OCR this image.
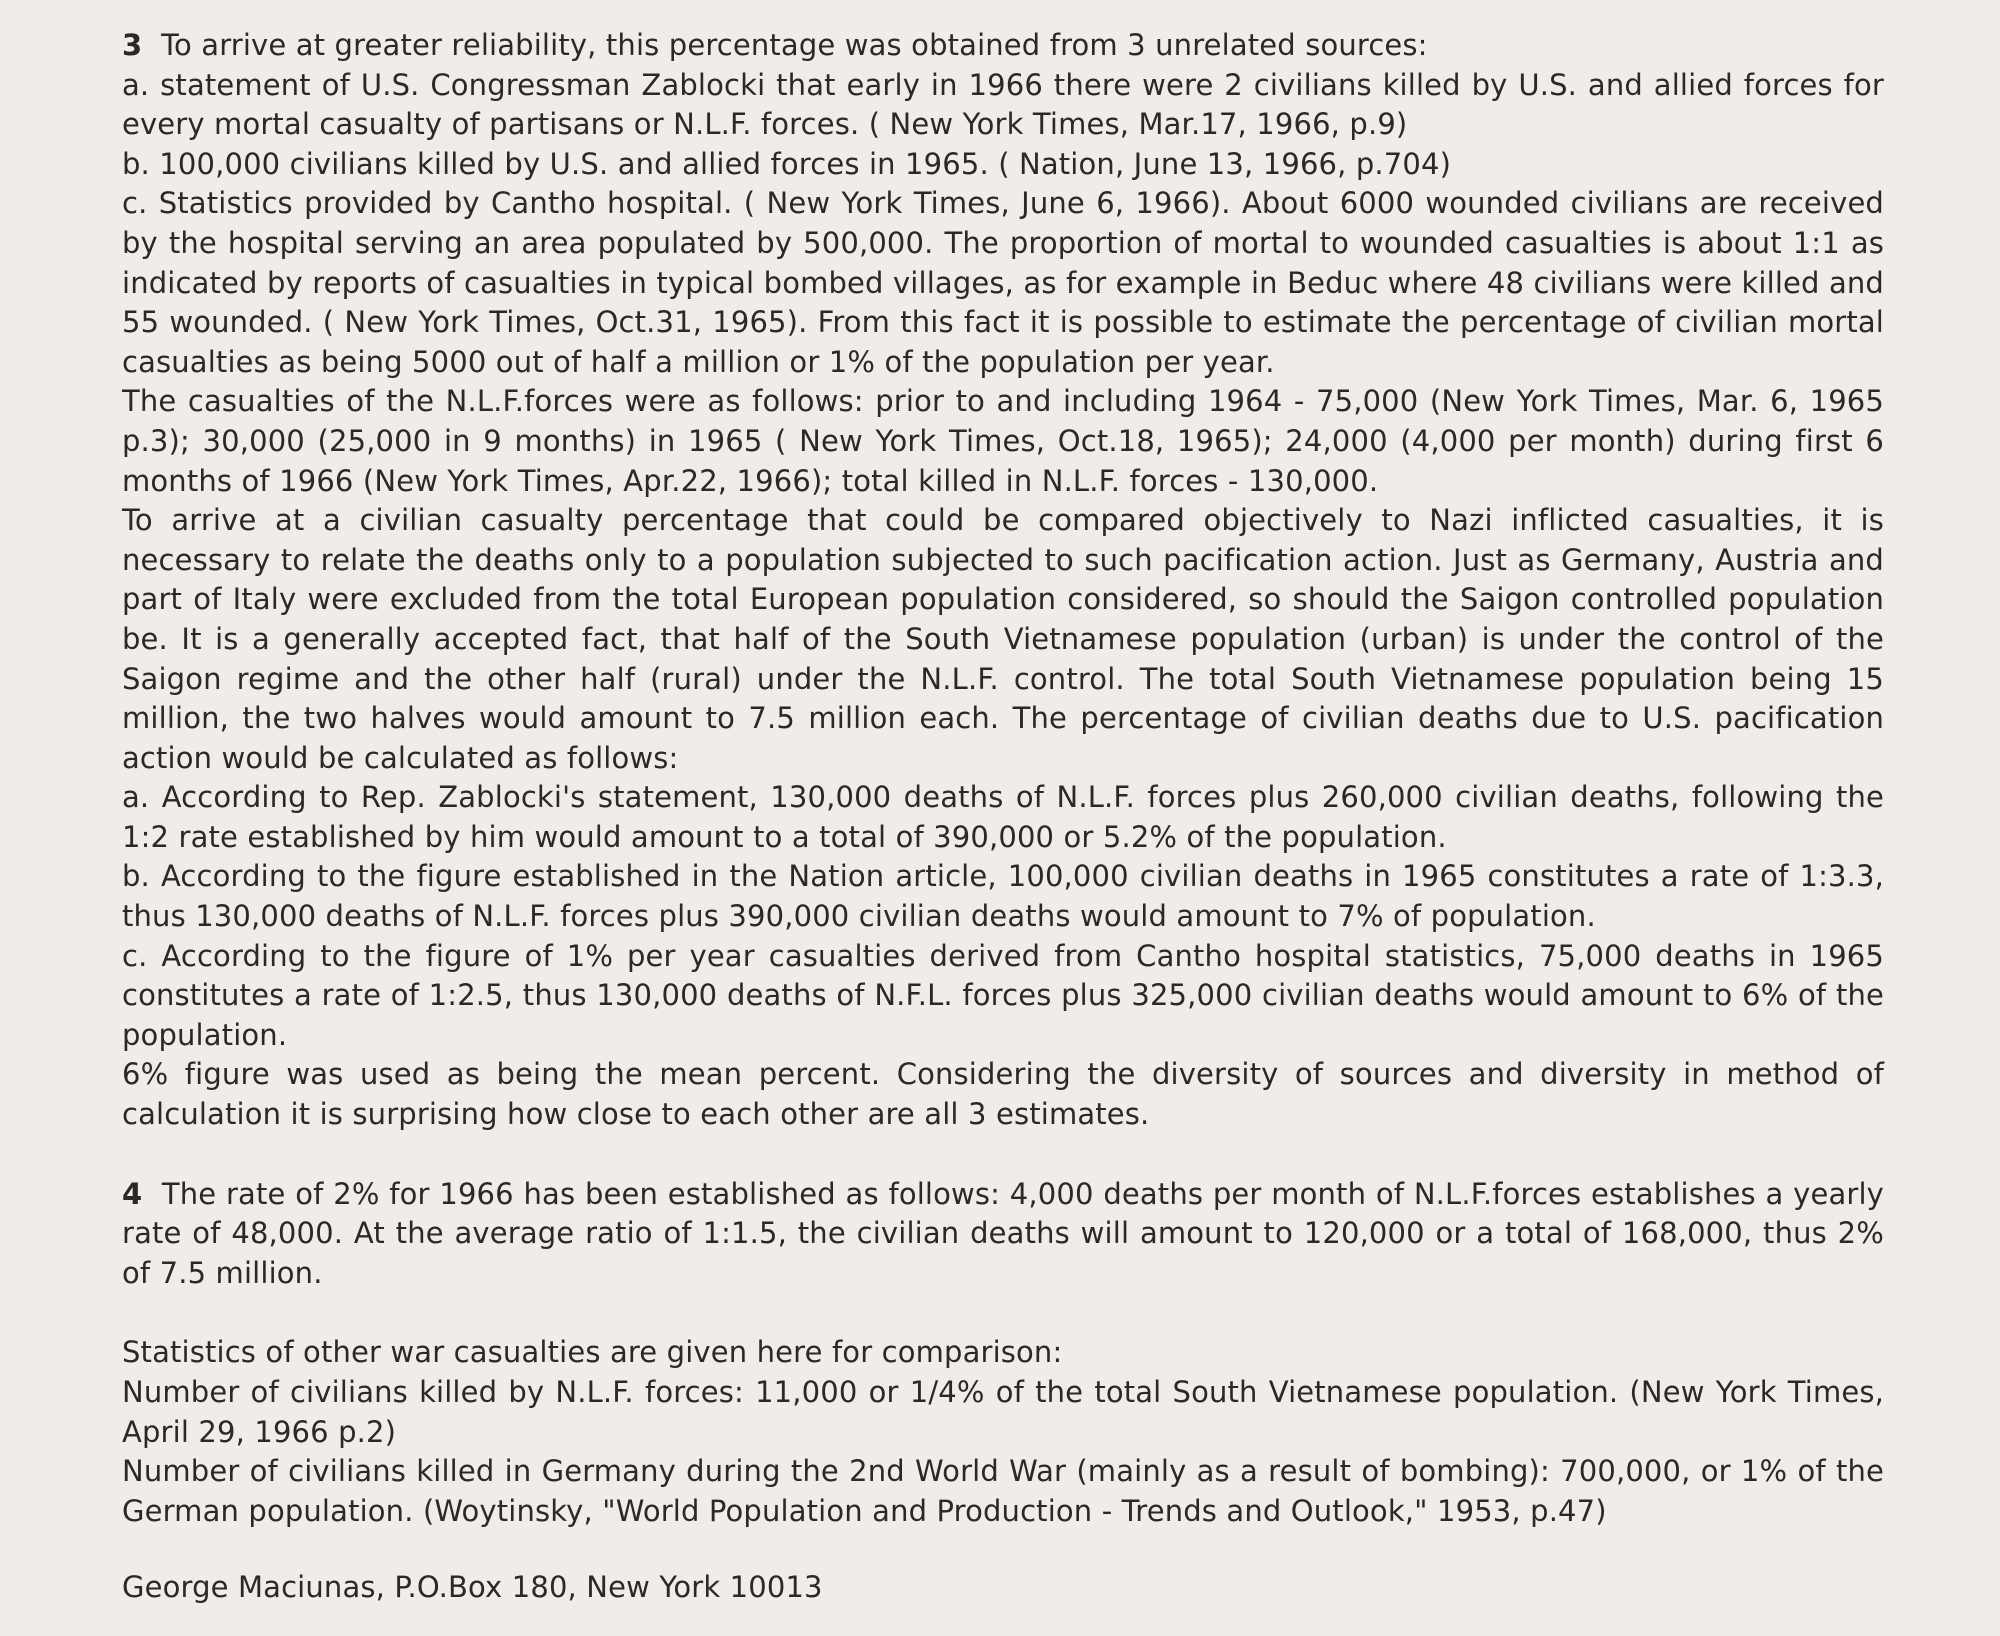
3 To arrive at greater reliability, this percentage was obtained from 3 unrelated sources:

a. statement of U.S. Congressman Zablocki that early in 1966 there were 2 civilians killed by U.S. and allied forces for every mortal casualty of partisans or N.L.F. forces. ( New York Times, Mar.17, 1966, p.9)

b. 100,000 civilians killed by U.S. and allied forces in 1965. ( Nation, June 13, 1966, p.704)

c. Statistics provided by Cantho hospital. ( New York Times, June 6, 1966). About 6000 wounded civilians are received by the hospital serving an area populated by 500,000. The proportion of mortal to wounded casualties is about 1:1 as indicated by reports of casualties in typical bombed villages, as for example in Beduc where 48 civilians were killed and 55 wounded. ( New York Times, Oct.31, 1965). From this fact it is possible to estimate the percentage of civilian mortal casualties as being 5000 out of half a million or 1% of the population per year.

The casualties of the N.L.F.forces were as follows: prior to and including 1964 - 75,000 (New York Times, Mar. 6, 1965 p.3); 30,000 (25,000 in 9 months) in 1965 ( New York Times, Oct.18, 1965); 24,000 (4,000 per month) during first 6 months of 1966 (New York Times, Apr.22, 1966); total killed in N.L.F. forces - 130,000.

To arrive at a civilian casualty percentage that could be compared objectively to Nazi inflicted casualties, it is necessary to relate the deaths only to a population subjected to such pacification action. Just as Germany, Austria and part of Italy were excluded from the total European population considered, so should the Saigon controlled population be. It is a generally accepted fact, that half of the South Vietnamese population (urban) is under the control of the Saigon regime and the other half (rural) under the N.L.F. control. The total South Vietnamese population being 15 million, the two halves would amount to 7.5 million each. The percentage of civilian deaths due to U.S. pacification action would be calculated as follows:

a. According to Rep. Zablocki's statement, 130,000 deaths of N.L.F. forces plus 260,000 civilian deaths, following the 1:2 rate established by him would amount to a total of 390,000 or 5.2% of the population.

b. According to the figure established in the Nation article, 100,000 civilian deaths in 1965 constitutes a rate of 1:3.3, thus 130,000 deaths of N.L.F. forces plus 390,000 civilian deaths would amount to 7% of population.

c. According to the figure of 1% per year casualties derived from Cantho hospital statistics, 75,000 deaths in 1965 constitutes a rate of 1:2.5, thus 130,000 deaths of N.F.L. forces plus 325,000 civilian deaths would amount to 6% of the population.

6% figure was used as being the mean percent. Considering the diversity of sources and diversity in method of calculation it is surprising how close to each other are all 3 estimates.

4 The rate of 2% for 1966 has been established as follows: 4,000 deaths per month of N.L.F.forces establishes a yearly rate of 48,000. At the average ratio of 1:1.5, the civilian deaths will amount to 120,000 or a total of 168,000, thus 2% of 7.5 million.

Statistics of other war casualties are given here for comparison:

Number of civilians killed by N.L.F. forces: 11,000 or 1/4% of the total South Vietnamese population. (New York Times, April 29, 1966 p.2)

Number of civilians killed in Germany during the 2nd World War (mainly as a result of bombing): 700,000, or 1% of the German population. (Woytinsky, "World Population and Production - Trends and Outlook," 1953, p.47)

George Maciunas, P.O.Box 180, New York 10013
